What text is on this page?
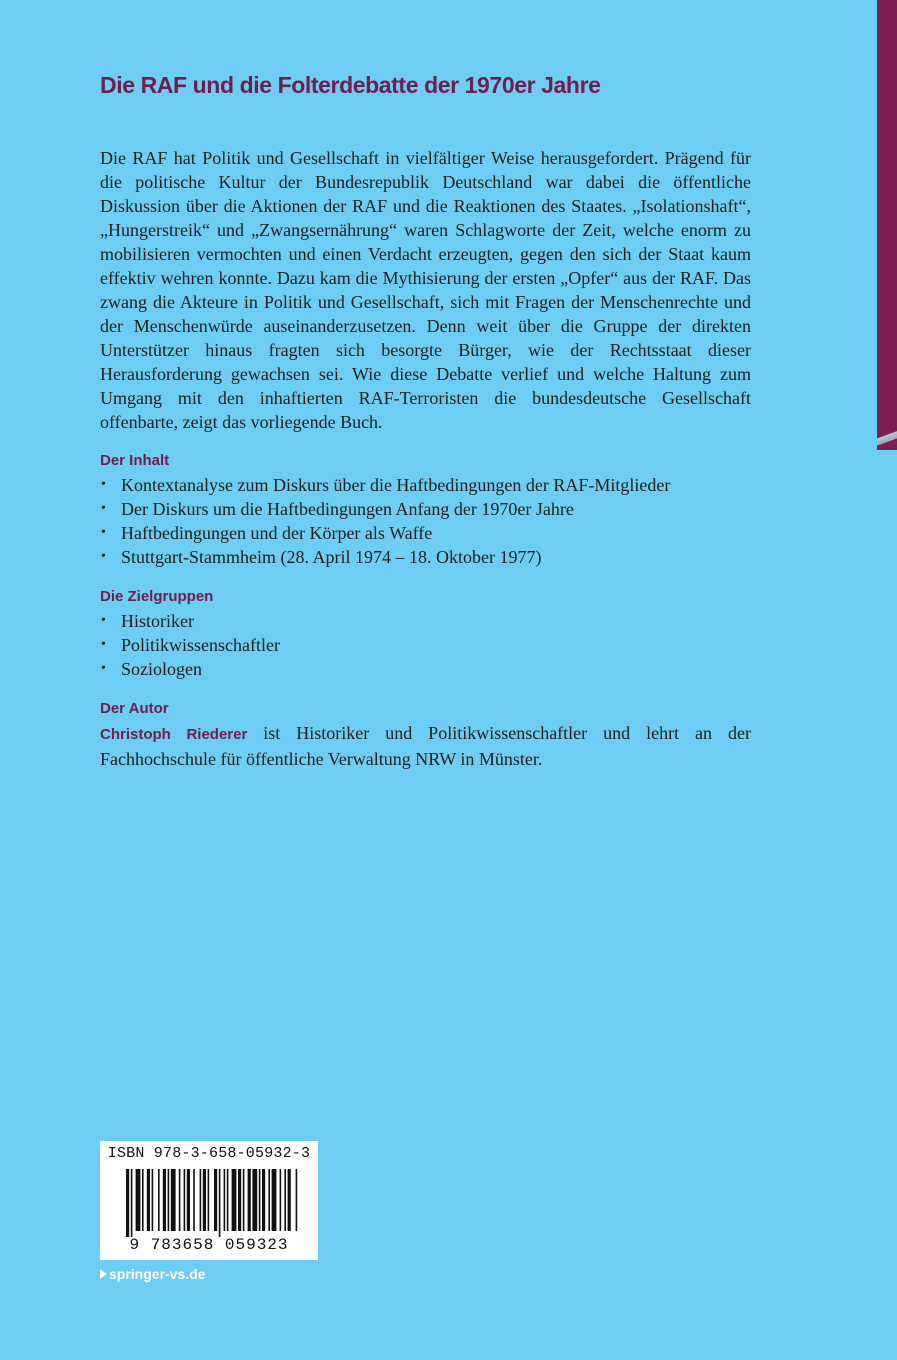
Die RAF und die Folterdebatte der 1970er Jahre

Die RAF hat Politik und Gesellschaft in vielfältiger Weise herausgefordert. Prägend für die politische Kultur der Bundesrepublik Deutschland war dabei die öffentliche Diskussion über die Aktionen der RAF und die Reaktionen des Staates. „Isolationshaft“, „Hungerstreik“ und „Zwangsernährung“ waren Schlagworte der Zeit, welche enorm zu mobilisieren vermochten und einen Verdacht erzeugten, gegen den sich der Staat kaum effektiv wehren konnte. Dazu kam die Mythisierung der ersten „Opfer“ aus der RAF. Das zwang die Akteure in Politik und Gesellschaft, sich mit Fragen der Menschenrechte und der Menschenwürde auseinanderzusetzen. Denn weit über die Gruppe der direkten Unterstützer hinaus fragten sich besorgte Bürger, wie der Rechtsstaat dieser Herausforderung gewachsen sei. Wie diese Debatte verlief und welche Haltung zum Umgang mit den inhaftierten RAF-Terroristen die bundesdeutsche Gesellschaft offenbarte, zeigt das vorliegende Buch.

Der Inhalt
• Kontextanalyse zum Diskurs über die Haftbedingungen der RAF-Mitglieder
• Der Diskurs um die Haftbedingungen Anfang der 1970er Jahre
• Haftbedingungen und der Körper als Waffe
• Stuttgart-Stammheim (28. April 1974 – 18. Oktober 1977)
Die Zielgruppen
• Historiker
• Politikwissenschaftler
• Soziologen
Der Autor

Christoph Riederer ist Historiker und Politikwissenschaftler und lehrt an der Fachhochschule für öffentliche Verwaltung NRW in Münster.

ISBN 978-3-658-05932-3
9 783658 059323
springer-vs.de
